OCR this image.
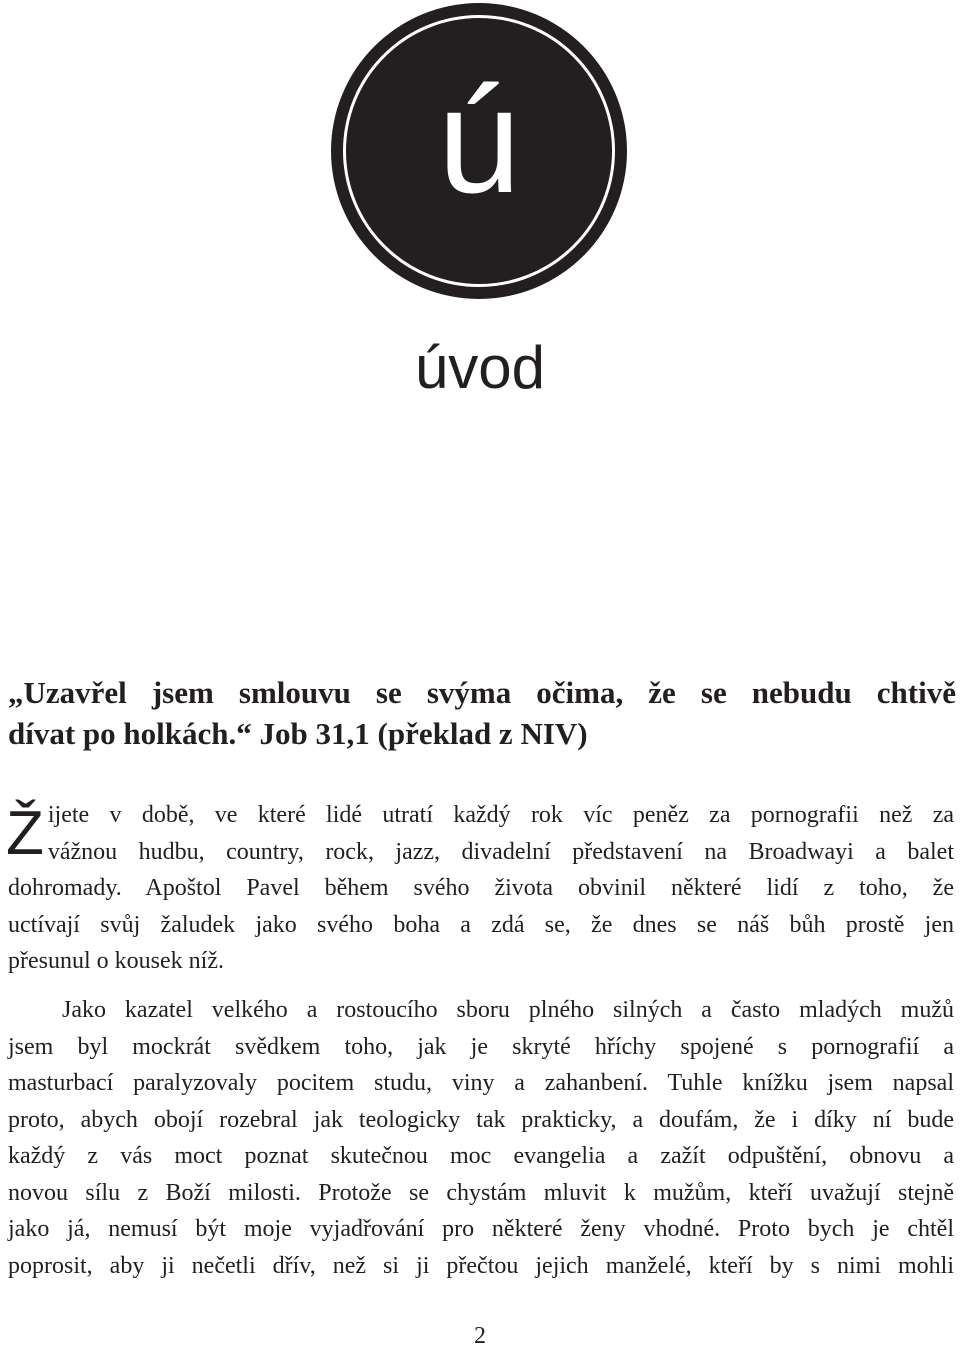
ú
úvod

„Uzavřel jsem smlouvu se svýma očima, že se nebudu chtivě
dívat po holkách.“ Job 31,1 (překlad z NIV)

Ž ijete v době, ve které lidé utratí každý rok víc peněz za pornografii než za
vážnou hudbu, country, rock, jazz, divadelní představení na Broadwayi a balet
dohromady. Apoštol Pavel během svého života obvinil některé lidí z toho, že
uctívají svůj žaludek jako svého boha a zdá se, že dnes se náš bůh prostě jen
přesunul o kousek níž.
Jako kazatel velkého a rostoucího sboru plného silných a často mladých mužů
jsem byl mockrát svědkem toho, jak je skryté hříchy spojené s pornografií a
masturbací paralyzovaly pocitem studu, viny a zahanbení. Tuhle knížku jsem napsal
proto, abych obojí rozebral jak teologicky tak prakticky, a doufám, že i díky ní bude
každý z vás moct poznat skutečnou moc evangelia a zažít odpuštění, obnovu a
novou sílu z Boží milosti. Protože se chystám mluvit k mužům, kteří uvažují stejně
jako já, nemusí být moje vyjadřování pro některé ženy vhodné. Proto bych je chtěl
poprosit, aby ji nečetli dřív, než si ji přečtou jejich manželé, kteří by s nimi mohli
2
